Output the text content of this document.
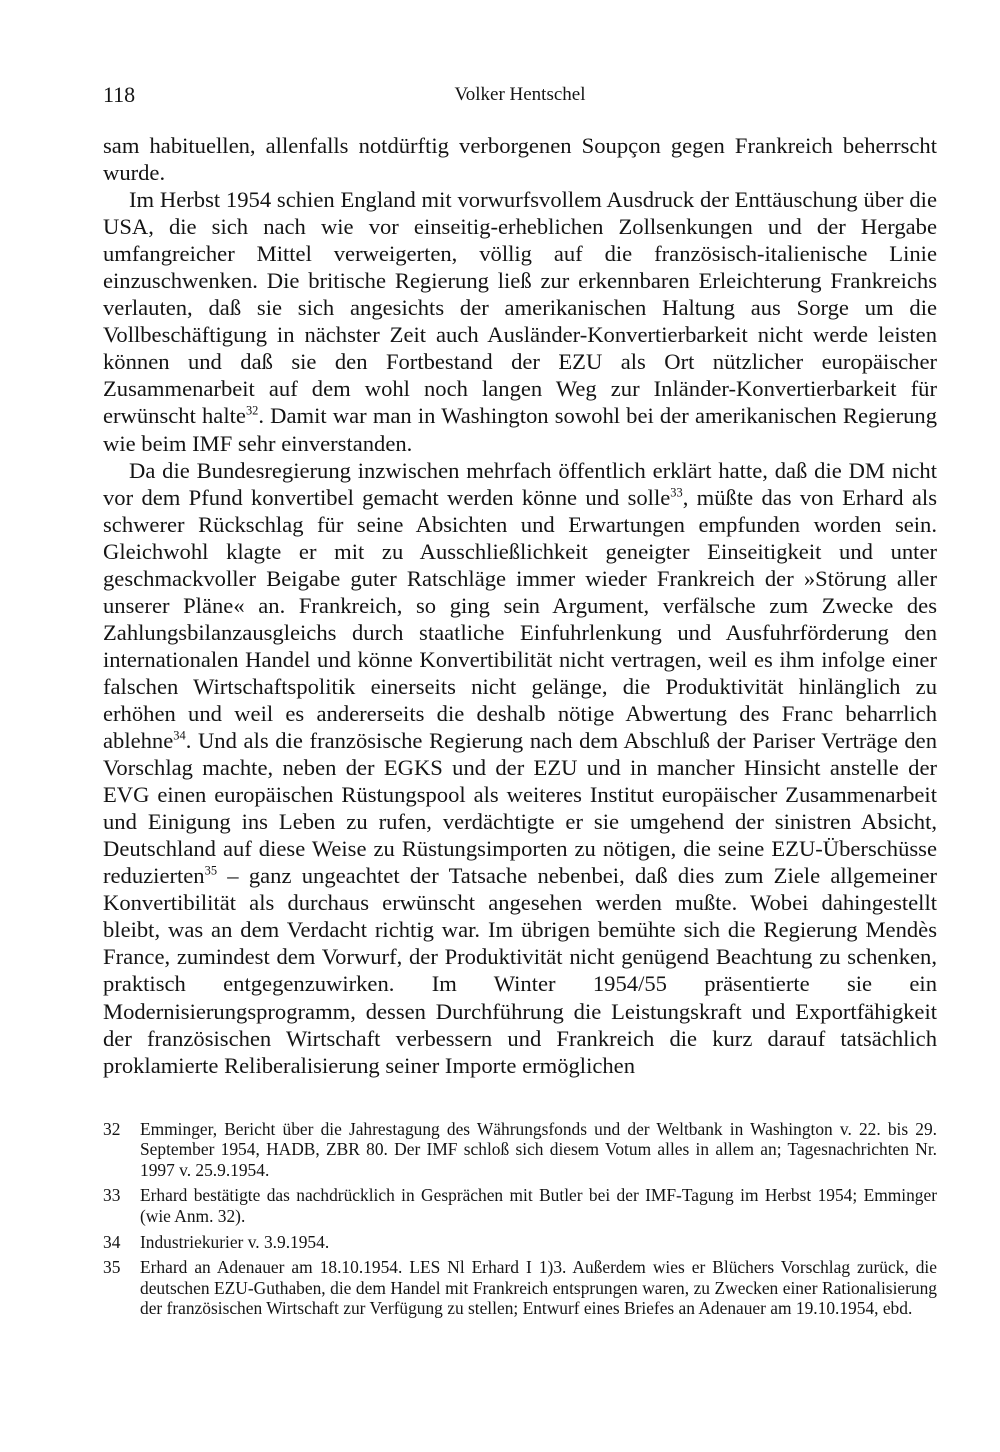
118	Volker Hentschel

sam habituellen, allenfalls notdürftig verborgenen Soupçon gegen Frankreich beherrscht wurde.

Im Herbst 1954 schien England mit vorwurfsvollem Ausdruck der Enttäuschung über die USA, die sich nach wie vor einseitig-erheblichen Zollsenkungen und der Hergabe umfangreicher Mittel verweigerten, völlig auf die französisch-italienische Linie einzuschwenken. Die britische Regierung ließ zur erkennbaren Erleichterung Frankreichs verlauten, daß sie sich angesichts der amerikanischen Haltung aus Sorge um die Vollbeschäftigung in nächster Zeit auch Ausländer-Konvertierbarkeit nicht werde leisten können und daß sie den Fortbestand der EZU als Ort nützlicher europäischer Zusammenarbeit auf dem wohl noch langen Weg zur Inländer-Konvertierbarkeit für erwünscht halte$^{32}$. Damit war man in Washington sowohl bei der amerikanischen Regierung wie beim IMF sehr einverstanden.

Da die Bundesregierung inzwischen mehrfach öffentlich erklärt hatte, daß die DM nicht vor dem Pfund konvertibel gemacht werden könne und solle$^{33}$, müßte das von Erhard als schwerer Rückschlag für seine Absichten und Erwartungen empfunden worden sein. Gleichwohl klagte er mit zu Ausschließlichkeit geneigter Einseitigkeit und unter geschmackvoller Beigabe guter Ratschläge immer wieder Frankreich der »Störung aller unserer Pläne« an. Frankreich, so ging sein Argument, verfälsche zum Zwecke des Zahlungsbilanzausgleichs durch staatliche Einfuhrlenkung und Ausfuhrförderung den internationalen Handel und könne Konvertibilität nicht vertragen, weil es ihm infolge einer falschen Wirtschaftspolitik einerseits nicht gelänge, die Produktivität hinlänglich zu erhöhen und weil es andererseits die deshalb nötige Abwertung des Franc beharrlich ablehne$^{34}$. Und als die französische Regierung nach dem Abschluß der Pariser Verträge den Vorschlag machte, neben der EGKS und der EZU und in mancher Hinsicht anstelle der EVG einen europäischen Rüstungspool als weiteres Institut europäischer Zusammenarbeit und Einigung ins Leben zu rufen, verdächtigte er sie umgehend der sinistren Absicht, Deutschland auf diese Weise zu Rüstungsimporten zu nötigen, die seine EZU-Überschüsse reduzierten$^{35}$ – ganz ungeachtet der Tatsache nebenbei, daß dies zum Ziele allgemeiner Konvertibilität als durchaus erwünscht angesehen werden mußte. Wobei dahingestellt bleibt, was an dem Verdacht richtig war. Im übrigen bemühte sich die Regierung Mendès France, zumindest dem Vorwurf, der Produktivität nicht genügend Beachtung zu schenken, praktisch entgegenzuwirken. Im Winter 1954/55 präsentierte sie ein Modernisierungsprogramm, dessen Durchführung die Leistungskraft und Exportfähigkeit der französischen Wirtschaft verbessern und Frankreich die kurz darauf tatsächlich proklamierte Reliberalisierung seiner Importe ermöglichen

32 Emminger, Bericht über die Jahrestagung des Währungsfonds und der Weltbank in Washington v. 22. bis 29. September 1954, HADB, ZBR 80. Der IMF schloß sich diesem Votum alles in allem an; Tagesnachrichten Nr. 1997 v. 25.9.1954.
33 Erhard bestätigte das nachdrücklich in Gesprächen mit Butler bei der IMF-Tagung im Herbst 1954; Emminger (wie Anm. 32).
34 Industriekurier v. 3.9.1954.
35 Erhard an Adenauer am 18.10.1954. LES Nl Erhard I 1)3. Außerdem wies er Blüchers Vorschlag zurück, die deutschen EZU-Guthaben, die dem Handel mit Frankreich entsprungen waren, zu Zwecken einer Rationalisierung der französischen Wirtschaft zur Verfügung zu stellen; Entwurf eines Briefes an Adenauer am 19.10.1954, ebd.
